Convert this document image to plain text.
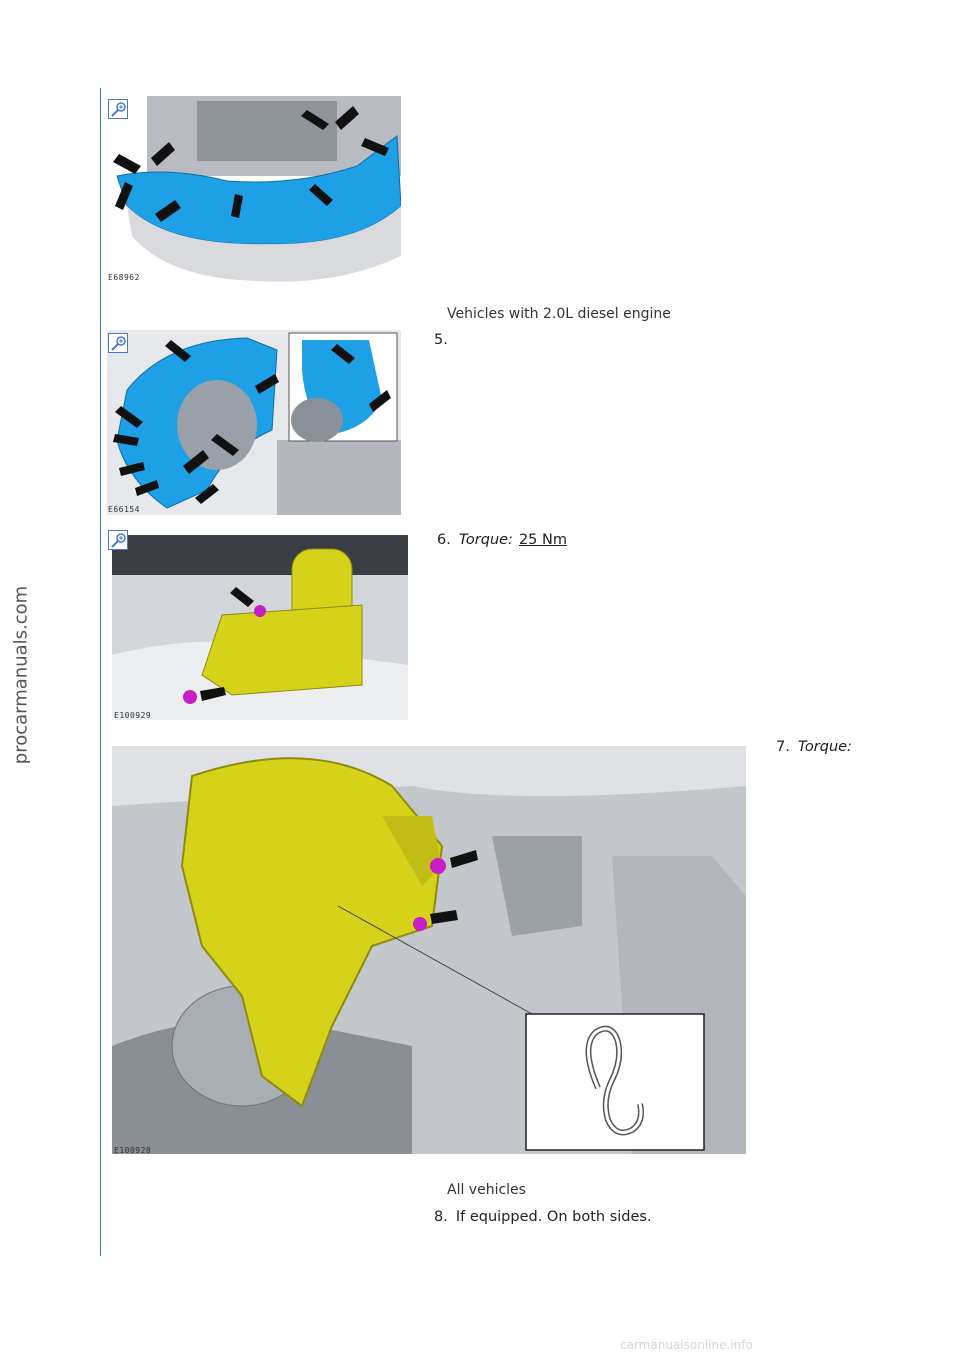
procarmanuals.com
E68962
Vehicles with 2.0L diesel engine
E66154
5.
E100929
6. Torque: 25 Nm
E100928
7. Torque:
All vehicles
8. If equipped. On both sides.
carmanualsonline.info
